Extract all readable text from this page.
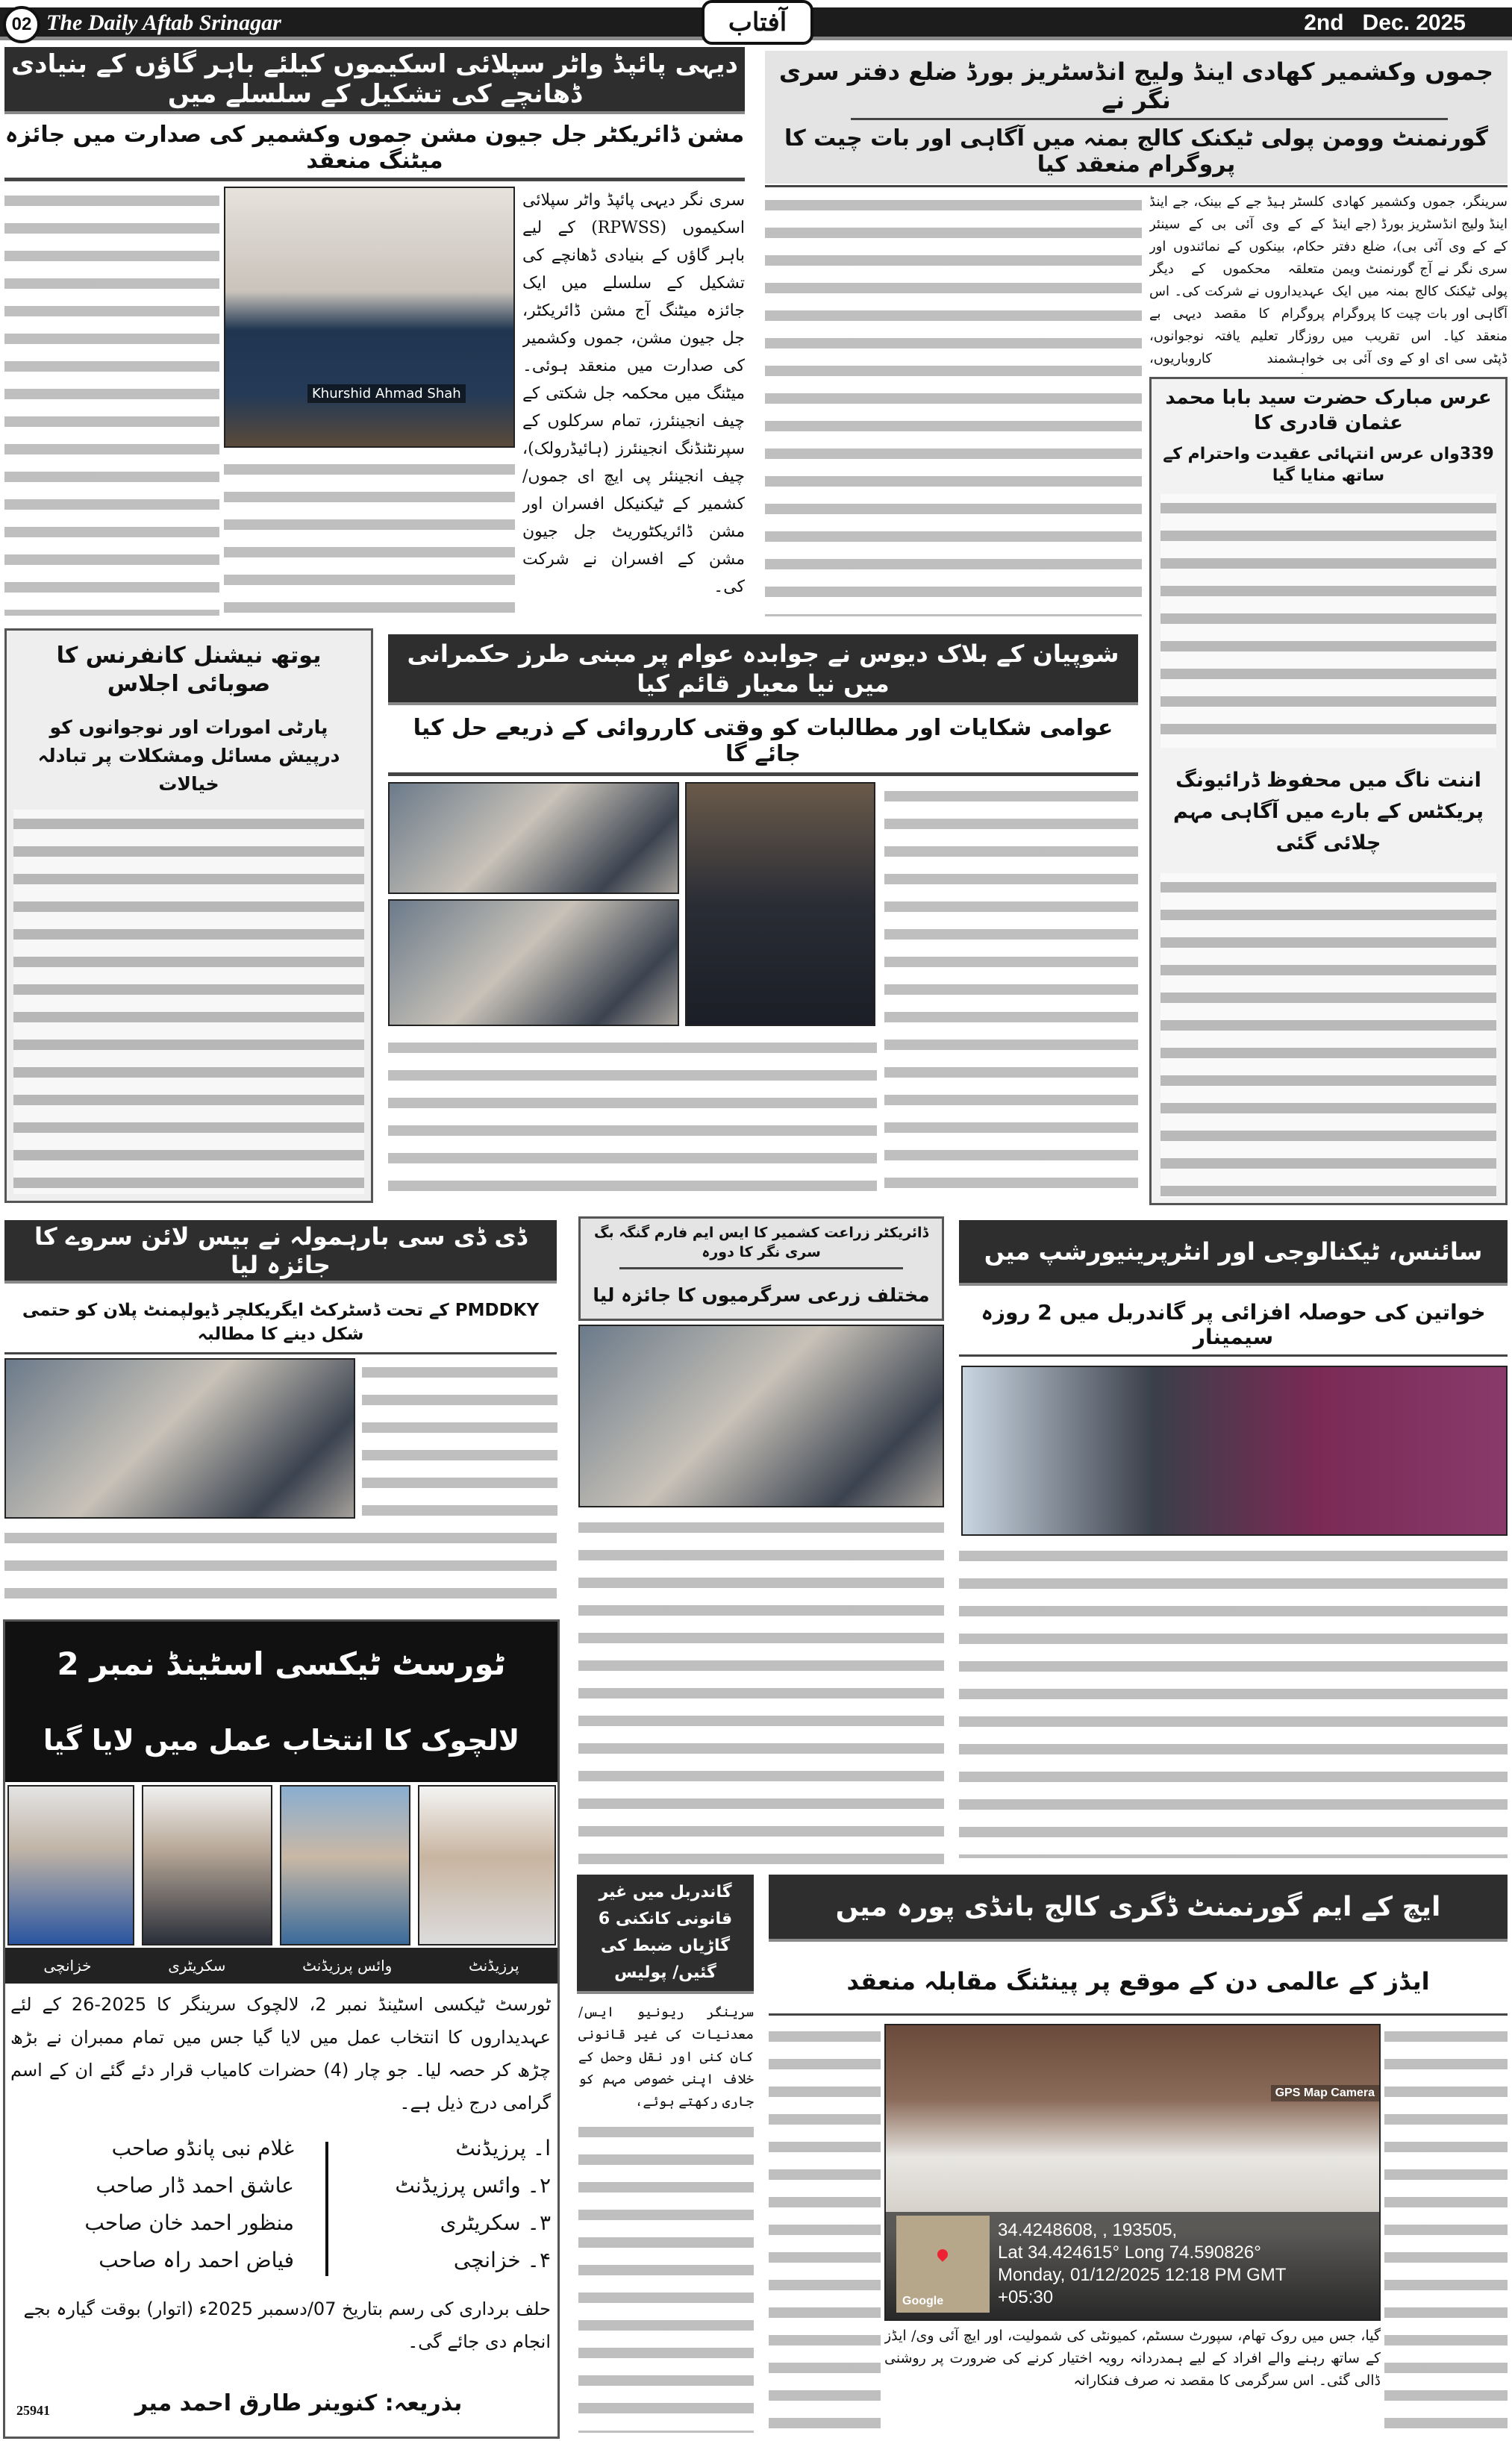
02 The Daily Aftab Srinagar	آفتاب	2nd   Dec. 2025
دیہی پائپڈ واٹر سپلائی اسکیموں کیلئے باہر گاؤں کے بنیادی ڈھانچے کی تشکیل کے سلسلے میں
مشن ڈائریکٹر جل جیون مشن جموں وکشمیر کی صدارت میں جائزہ میٹنگ منعقد
Khurshid Ahmad Shah
سری نگر دیہی پائپڈ واٹر سپلائی اسکیموں (RPWSS) کے لیے باہر گاؤں کے بنیادی ڈھانچے کی تشکیل کے سلسلے میں ایک جائزہ میٹنگ آج مشن ڈائریکٹر، جل جیون مشن، جموں وکشمیر کی صدارت میں منعقد ہوئی۔ میٹنگ میں محکمہ جل شکتی کے چیف انجینئرز، تمام سرکلوں کے سپرنٹنڈنگ انجینئرز (ہائیڈرولک)، چیف انجینئر پی ایچ ای جموں/کشمیر کے ٹیکنیکل افسران اور مشن ڈائریکٹوریٹ جل جیون مشن کے افسران نے شرکت کی۔
جموں وکشمیر کھادی اینڈ ولیج انڈسٹریز بورڈ ضلع دفتر سری نگر نے
گورنمنٹ وومن پولی ٹیکنک کالج بمنہ میں آگاہی اور بات چیت کا پروگرام منعقد کیا
سرینگر، جموں وکشمیر کھادی اینڈ ولیج انڈسٹریز بورڈ (جے اینڈ کے کے وی آئی بی)، ضلع دفتر سری نگر نے آج گورنمنٹ ویمن پولی ٹیکنک کالج بمنہ میں ایک آگاہی اور بات چیت کا پروگرام منعقد کیا۔ اس تقریب میں ڈپٹی سی ای او کے وی آئی بی
کلسٹر ہیڈ جے کے بینک، جے اینڈ کے کے وی آئی بی کے سینئر حکام، بینکوں کے نمائندوں اور متعلقہ محکموں کے دیگر عہدیداروں نے شرکت کی۔ اس پروگرام کا مقصد دیہی بے روزگار تعلیم یافتہ نوجوانوں، خواہشمند کاروباریوں،
عرس مبارک حضرت سید بابا محمد عثمان قادری کا
339واں عرس انتہائی عقیدت واحترام کے ساتھ منایا گیا
اننت ناگ میں محفوظ ڈرائیونگ پریکٹس کے بارے میں آگاہی مہم چلائی گئی
یوتھ نیشنل کانفرنس کا صوبائی اجلاس
پارٹی امورات اور نوجوانوں کو درپیش مسائل ومشکلات پر تبادلہ خیالات
شوپیان کے بلاک دیوس نے جوابدہ عوام پر مبنی طرز حکمرانی میں نیا معیار قائم کیا
عوامی شکایات اور مطالبات کو وقتی کارروائی کے ذریعے حل کیا جائے گا
ڈی ڈی سی بارہمولہ نے بیس لائن سروے کا جائزہ لیا
PMDDKY کے تحت ڈسٹرکٹ ایگریکلچر ڈیولپمنٹ پلان کو حتمی شکل دینے کا مطالبہ
ڈائریکٹر زراعت کشمیر کا ایس ایم فارم گنگہ بگ سری نگر کا دورہ
مختلف زرعی سرگرمیوں کا جائزہ لیا
سائنس، ٹیکنالوجی اور انٹرپرینیورشپ میں
خواتین کی حوصلہ افزائی پر گاندربل میں 2 روزہ سیمینار
ٹورسٹ ٹیکسی اسٹینڈ نمبر 2
لالچوک کا انتخاب عمل میں لایا گیا
خزانچی	سکریٹری	وائس پرزیڈنٹ	پرزیڈنٹ
ٹورسٹ ٹیکسی اسٹینڈ نمبر 2، لالچوک سرینگر کا 2025-26 کے لئے عہدیداروں کا انتخاب عمل میں لایا گیا جس میں تمام ممبران نے بڑھ چڑھ کر حصہ لیا۔ جو چار (4) حضرات کامیاب قرار دئے گئے ان کے اسم گرامی درج ذیل ہے۔
ا۔ پرزیڈنٹ
غلام نبی پانڈو صاحب
۲۔ وائس پرزیڈنٹ
عاشق احمد ڈار صاحب
۳۔ سکریٹری
منظور احمد خان صاحب
۴۔ خزانچی
فیاض احمد راہ صاحب
حلف برداری کی رسم بتاریخ 07/دسمبر 2025ء (اتوار) بوقت گیارہ بجے انجام دی جائے گی۔
بذریعہ: کنوینر طارق احمد میر
25941
گاندربل میں غیر قانونی کانکنی 6 گاڑیاں ضبط کی گئیں/ پولیس
سرینگر ریونیو ایس/ معدنیات کی غیر قانونی کان کنی اور نقل وحمل کے خلاف اپنی خصوصی مہم کو جاری رکھتے ہوئے،
ایچ کے ایم گورنمنٹ ڈگری کالج بانڈی پورہ میں
ایڈز کے عالمی دن کے موقع پر پینٹنگ مقابلہ منعقد
GPS Map Camera
Google
34.4248608, , 193505,
Lat 34.424615° Long 74.590826°
Monday, 01/12/2025 12:18 PM GMT
+05:30
گیا، جس میں روک تھام، سپورٹ سسٹم، کمیونٹی کی شمولیت، اور ایچ آئی وی/ ایڈز کے ساتھ رہنے والے افراد کے لیے ہمدردانہ رویہ اختیار کرنے کی ضرورت پر روشنی ڈالی گئی۔ اس سرگرمی کا مقصد نہ صرف فنکارانہ
